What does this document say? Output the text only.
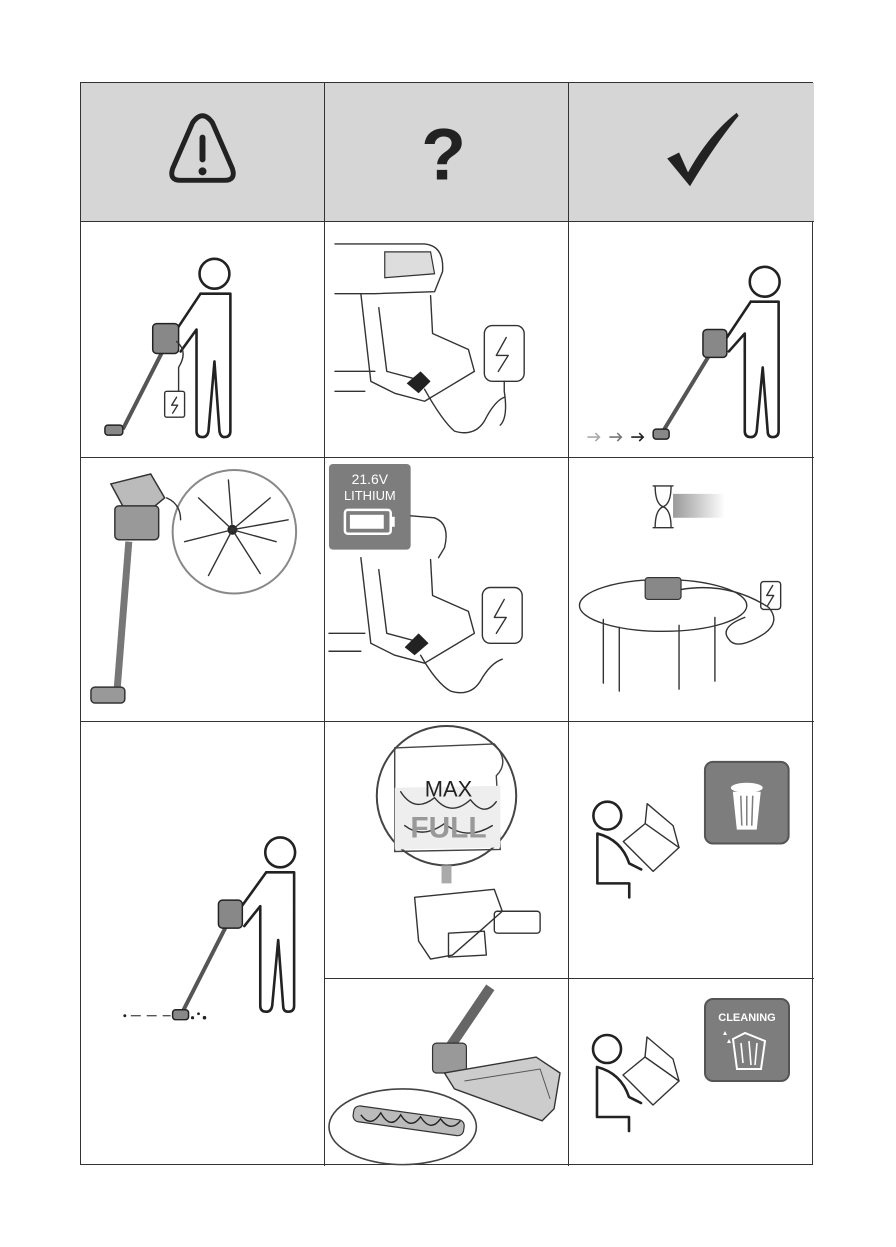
?
21.6V
LITHIUM
MAX
FULL
CLEANING
